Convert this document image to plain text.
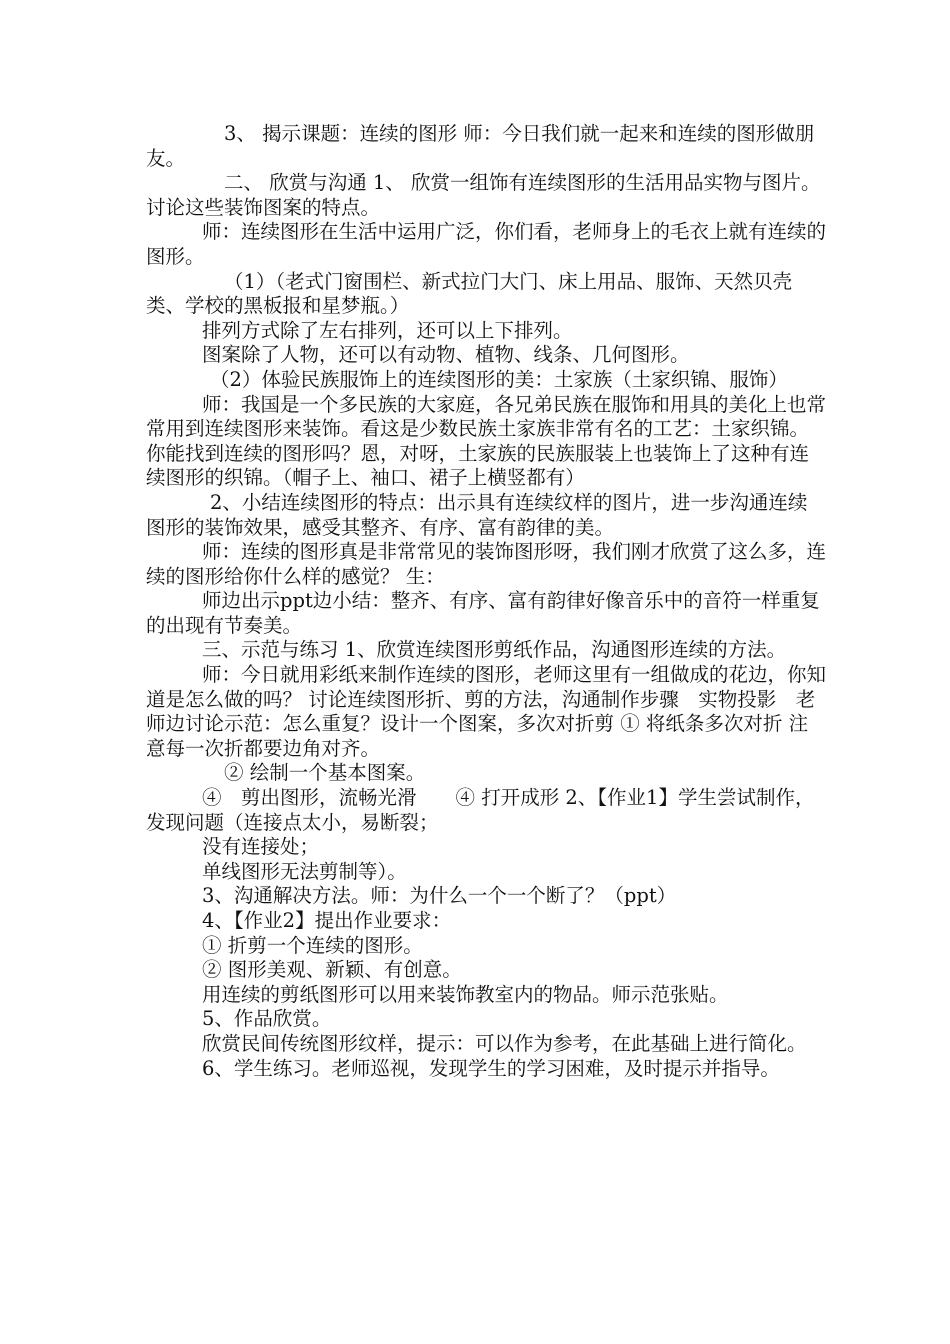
3、 揭示课题：连续的图形 师：今日我们就一起来和连续的图形做朋友。

二、 欣赏与沟通 1、 欣赏一组饰有连续图形的生活用品实物与图片。讨论这些装饰图案的特点。

师：连续图形在生活中运用广泛，你们看，老师身上的毛衣上就有连续的图形。

（1）（老式门窗围栏、新式拉门大门、床上用品、服饰、天然贝壳类、学校的黑板报和星梦瓶。）

排列方式除了左右排列，还可以上下排列。

图案除了人物，还可以有动物、植物、线条、几何图形。

（2）体验民族服饰上的连续图形的美：土家族（土家织锦、服饰）

师：我国是一个多民族的大家庭，各兄弟民族在服饰和用具的美化上也常常用到连续图形来装饰。看这是少数民族土家族非常有名的工艺：土家织锦。你能找到连续的图形吗？恩，对呀，土家族的民族服装上也装饰上了这种有连续图形的织锦。（帽子上、袖口、裙子上横竖都有）

2、小结连续图形的特点：出示具有连续纹样的图片，进一步沟通连续图形的装饰效果，感受其整齐、有序、富有韵律的美。

师：连续的图形真是非常常见的装饰图形呀，我们刚才欣赏了这么多，连续的图形给你什么样的感觉？ 生：

师边出示ppt边小结：整齐、有序、富有韵律好像音乐中的音符一样重复的出现有节奏美。

三、示范与练习 1、欣赏连续图形剪纸作品，沟通图形连续的方法。

师：今日就用彩纸来制作连续的图形，老师这里有一组做成的花边，你知道是怎么做的吗？ 讨论连续图形折、剪的方法，沟通制作步骤　实物投影　老师边讨论示范：怎么重复？设计一个图案，多次对折剪 ① 将纸条多次对折 注意每一次折都要边角对齐。

② 绘制一个基本图案。

④　剪出图形，流畅光滑　　④ 打开成形 2、【作业1】学生尝试制作，发现问题（连接点太小，易断裂；

没有连接处；

单线图形无法剪制等）。

3、沟通解决方法。师：为什么一个一个断了？（ppt）

4、【作业2】提出作业要求：

① 折剪一个连续的图形。

② 图形美观、新颖、有创意。

用连续的剪纸图形可以用来装饰教室内的物品。师示范张贴。

5、作品欣赏。

欣赏民间传统图形纹样，提示：可以作为参考，在此基础上进行简化。

6、学生练习。老师巡视，发现学生的学习困难，及时提示并指导。
